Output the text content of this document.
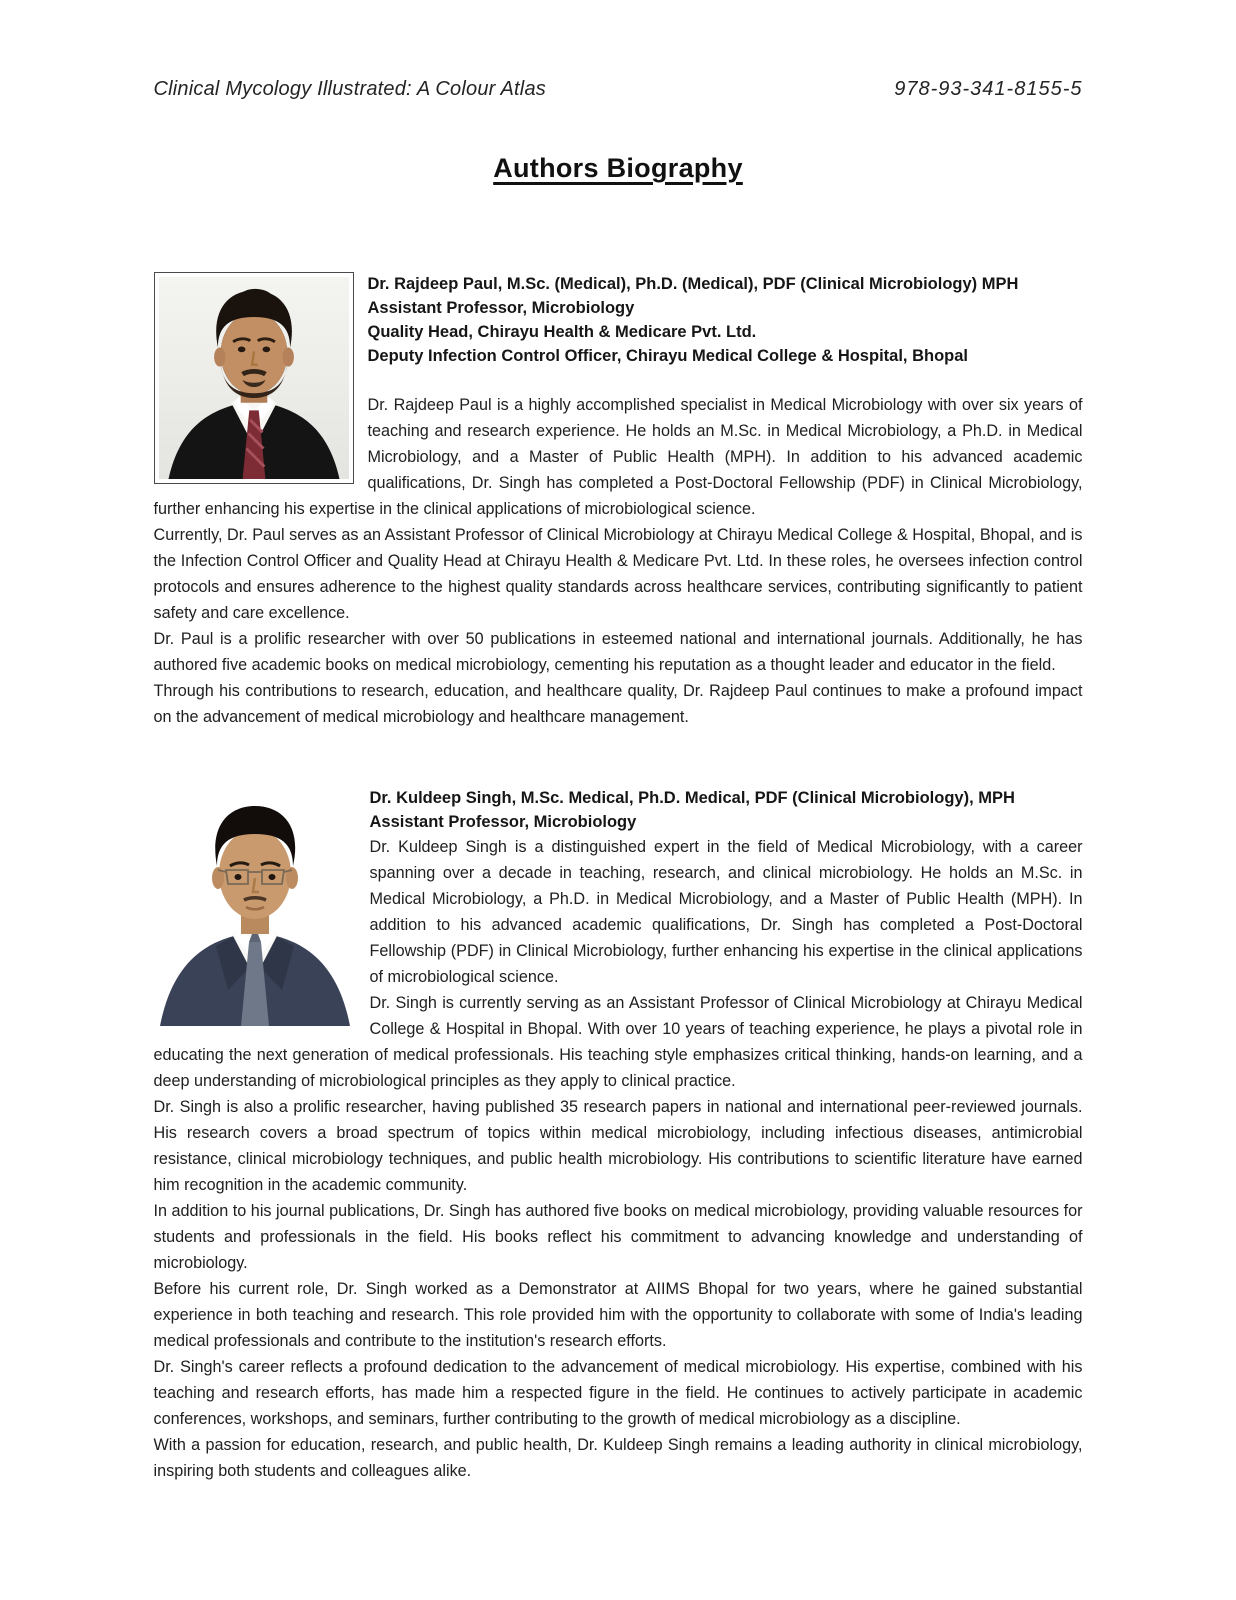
Clinical Mycology Illustrated: A Colour Atlas	978-93-341-8155-5
Authors Biography
Dr. Rajdeep Paul, M.Sc. (Medical), Ph.D. (Medical), PDF (Clinical Microbiology) MPH
Assistant Professor, Microbiology
Quality Head, Chirayu Health & Medicare Pvt. Ltd.
Deputy Infection Control Officer, Chirayu Medical College & Hospital, Bhopal

Dr. Rajdeep Paul is a highly accomplished specialist in Medical Microbiology with over six years of teaching and research experience. He holds an M.Sc. in Medical Microbiology, a Ph.D. in Medical Microbiology, and a Master of Public Health (MPH). In addition to his advanced academic qualifications, Dr. Singh has completed a Post-Doctoral Fellowship (PDF) in Clinical Microbiology, further enhancing his expertise in the clinical applications of microbiological science.

Currently, Dr. Paul serves as an Assistant Professor of Clinical Microbiology at Chirayu Medical College & Hospital, Bhopal, and is the Infection Control Officer and Quality Head at Chirayu Health & Medicare Pvt. Ltd. In these roles, he oversees infection control protocols and ensures adherence to the highest quality standards across healthcare services, contributing significantly to patient safety and care excellence.

Dr. Paul is a prolific researcher with over 50 publications in esteemed national and international journals. Additionally, he has authored five academic books on medical microbiology, cementing his reputation as a thought leader and educator in the field.

Through his contributions to research, education, and healthcare quality, Dr. Rajdeep Paul continues to make a profound impact on the advancement of medical microbiology and healthcare management.

Dr. Kuldeep Singh, M.Sc. Medical, Ph.D. Medical, PDF (Clinical Microbiology), MPH
Assistant Professor, Microbiology

Dr. Kuldeep Singh is a distinguished expert in the field of Medical Microbiology, with a career spanning over a decade in teaching, research, and clinical microbiology. He holds an M.Sc. in Medical Microbiology, a Ph.D. in Medical Microbiology, and a Master of Public Health (MPH). In addition to his advanced academic qualifications, Dr. Singh has completed a Post-Doctoral Fellowship (PDF) in Clinical Microbiology, further enhancing his expertise in the clinical applications of microbiological science.

Dr. Singh is currently serving as an Assistant Professor of Clinical Microbiology at Chirayu Medical College & Hospital in Bhopal. With over 10 years of teaching experience, he plays a pivotal role in educating the next generation of medical professionals. His teaching style emphasizes critical thinking, hands-on learning, and a deep understanding of microbiological principles as they apply to clinical practice.

Dr. Singh is also a prolific researcher, having published 35 research papers in national and international peer-reviewed journals. His research covers a broad spectrum of topics within medical microbiology, including infectious diseases, antimicrobial resistance, clinical microbiology techniques, and public health microbiology. His contributions to scientific literature have earned him recognition in the academic community.

In addition to his journal publications, Dr. Singh has authored five books on medical microbiology, providing valuable resources for students and professionals in the field. His books reflect his commitment to advancing knowledge and understanding of microbiology.

Before his current role, Dr. Singh worked as a Demonstrator at AIIMS Bhopal for two years, where he gained substantial experience in both teaching and research. This role provided him with the opportunity to collaborate with some of India's leading medical professionals and contribute to the institution's research efforts.

Dr. Singh's career reflects a profound dedication to the advancement of medical microbiology. His expertise, combined with his teaching and research efforts, has made him a respected figure in the field. He continues to actively participate in academic conferences, workshops, and seminars, further contributing to the growth of medical microbiology as a discipline.

With a passion for education, research, and public health, Dr. Kuldeep Singh remains a leading authority in clinical microbiology, inspiring both students and colleagues alike.
